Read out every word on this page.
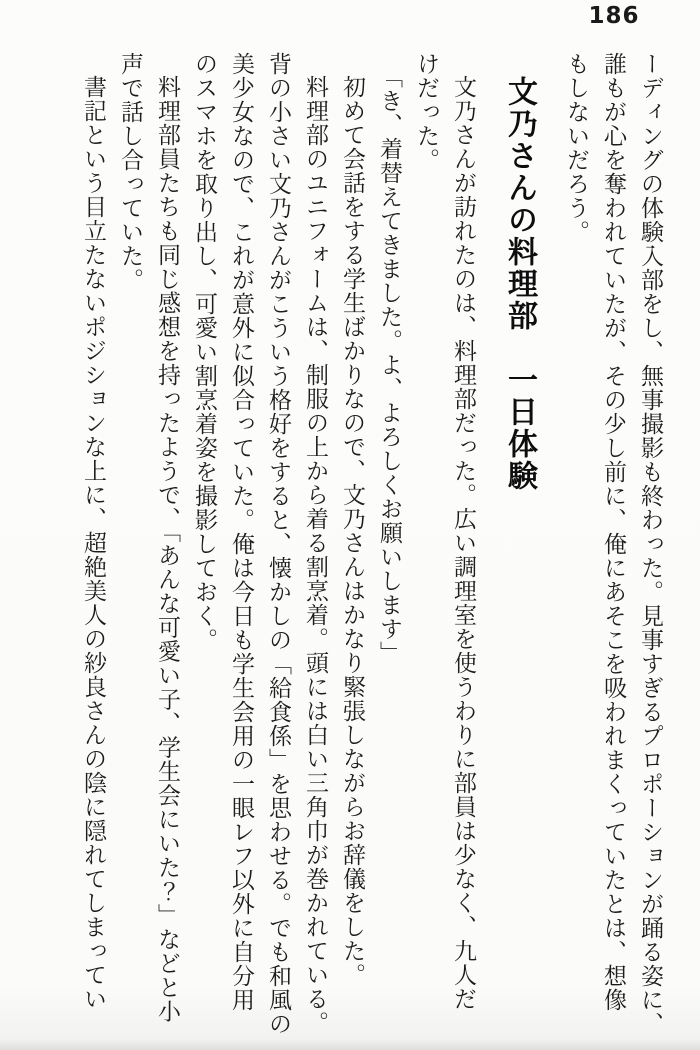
186

ーディングの体験入部をし、無事撮影も終わった。見事すぎるプロポーションが踊る姿に、

誰もが心を奪われていたが、その少し前に、俺にあそこを吸われまくっていたとは、想像

もしないだろう。

文乃さんの料理部　一日体験

文乃さんが訪れたのは、料理部だった。広い調理室を使うわりに部員は少なく、九人だ

けだった。

「き、着替えてきました。よ、よろしくお願いします」

初めて会話をする学生ばかりなので、文乃さんはかなり緊張しながらお辞儀をした。

料理部のユニフォームは、制服の上から着る割烹着。頭には白い三角巾が巻かれている。

背の小さい文乃さんがこういう格好をすると、懐かしの「給食係」を思わせる。でも和風の

美少女なので、これが意外に似合っていた。俺は今日も学生会用の一眼レフ以外に自分用

のスマホを取り出し、可愛い割烹着姿を撮影しておく。

料理部員たちも同じ感想を持ったようで、「あんな可愛い子、学生会にいた？」などと小

声で話し合っていた。

書記という目立たないポジションな上に、超絶美人の紗良さんの陰に隠れてしまってい
